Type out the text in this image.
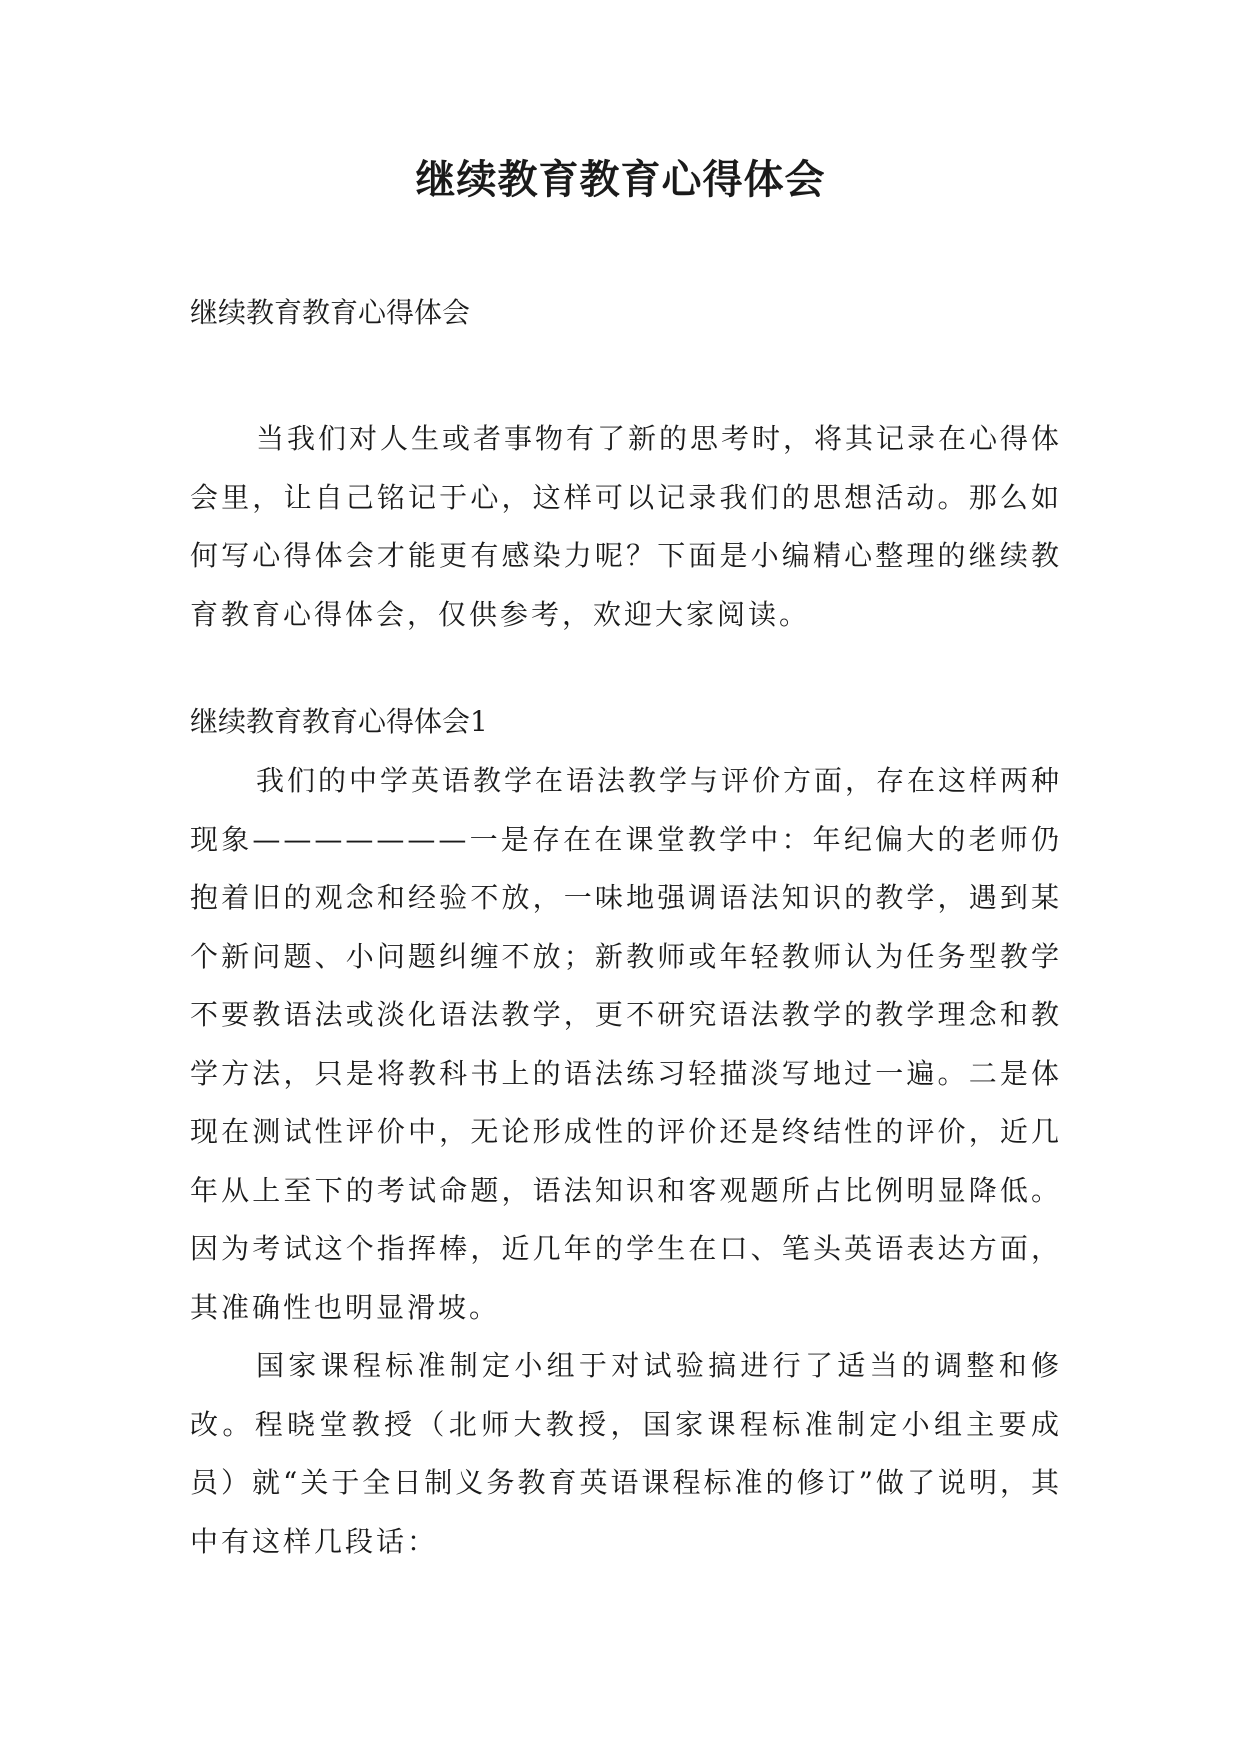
继续教育教育心得体会
继续教育教育心得体会

当我们对人生或者事物有了新的思考时，将其记录在心得体会里，让自己铭记于心，这样可以记录我们的思想活动。那么如何写心得体会才能更有感染力呢？下面是小编精心整理的继续教育教育心得体会，仅供参考，欢迎大家阅读。

继续教育教育心得体会1

我们的中学英语教学在语法教学与评价方面，存在这样两种现象———————一是存在在课堂教学中：年纪偏大的老师仍抱着旧的观念和经验不放，一味地强调语法知识的教学，遇到某个新问题、小问题纠缠不放；新教师或年轻教师认为任务型教学不要教语法或淡化语法教学，更不研究语法教学的教学理念和教学方法，只是将教科书上的语法练习轻描淡写地过一遍。二是体现在测试性评价中，无论形成性的评价还是终结性的评价，近几年从上至下的考试命题，语法知识和客观题所占比例明显降低。因为考试这个指挥棒，近几年的学生在口、笔头英语表达方面，其准确性也明显滑坡。

国家课程标准制定小组于对试验搞进行了适当的调整和修改。程晓堂教授（北师大教授，国家课程标准制定小组主要成员）就“关于全日制义务教育英语课程标准的修订”做了说明，其中有这样几段话：
